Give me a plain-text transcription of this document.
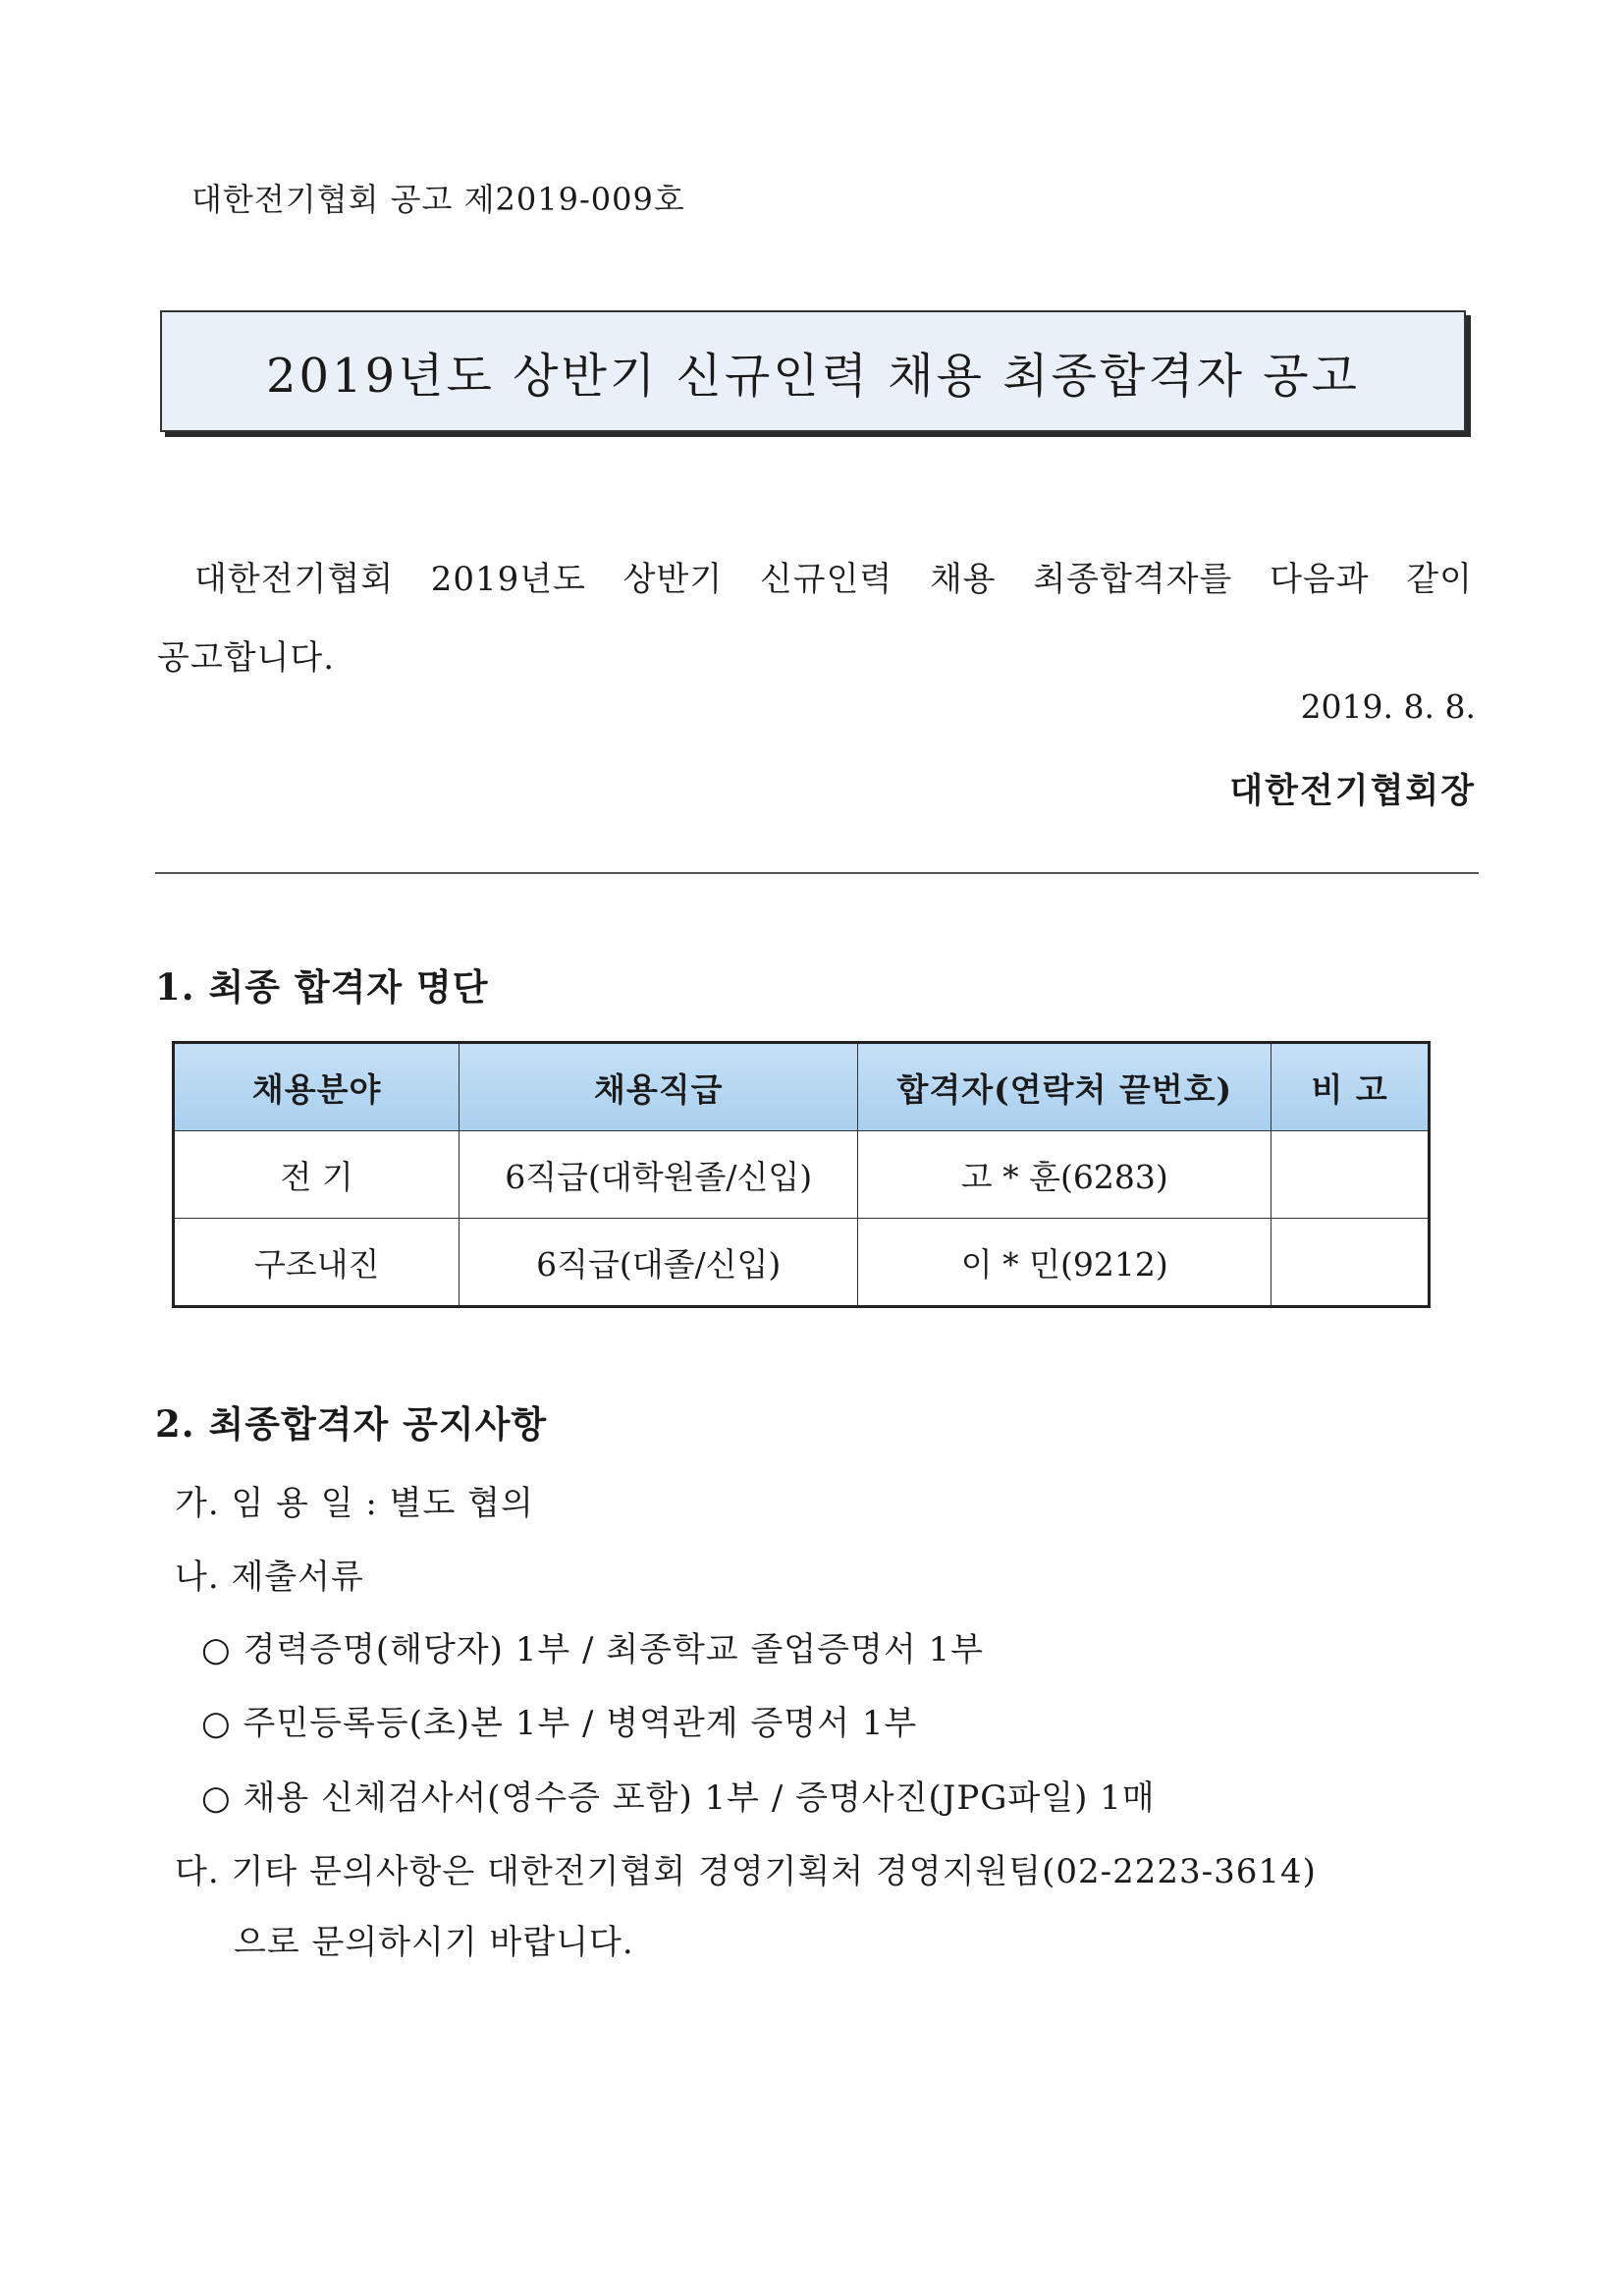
대한전기협회 공고 제2019-009호
2019년도 상반기 신규인력 채용 최종합격자 공고
대한전기협회 2019년도 상반기 신규인력 채용 최종합격자를 다음과 같이
공고합니다.
2019. 8. 8.
대한전기협회장
1. 최종 합격자 명단
채용분야	채용직급	합격자(연락처 끝번호)	비 고
전 기	6직급(대학원졸/신입)	고 * 훈(6283)	
구조내진	6직급(대졸/신입)	이 * 민(9212)	
2. 최종합격자 공지사항
가. 임 용 일 : 별도 협의
나. 제출서류
○ 경력증명(해당자) 1부 / 최종학교 졸업증명서 1부
○ 주민등록등(초)본 1부 / 병역관계 증명서 1부
○ 채용 신체검사서(영수증 포함) 1부 / 증명사진(JPG파일) 1매
다. 기타 문의사항은 대한전기협회 경영기획처 경영지원팀(02-2223-3614)
으로 문의하시기 바랍니다.
